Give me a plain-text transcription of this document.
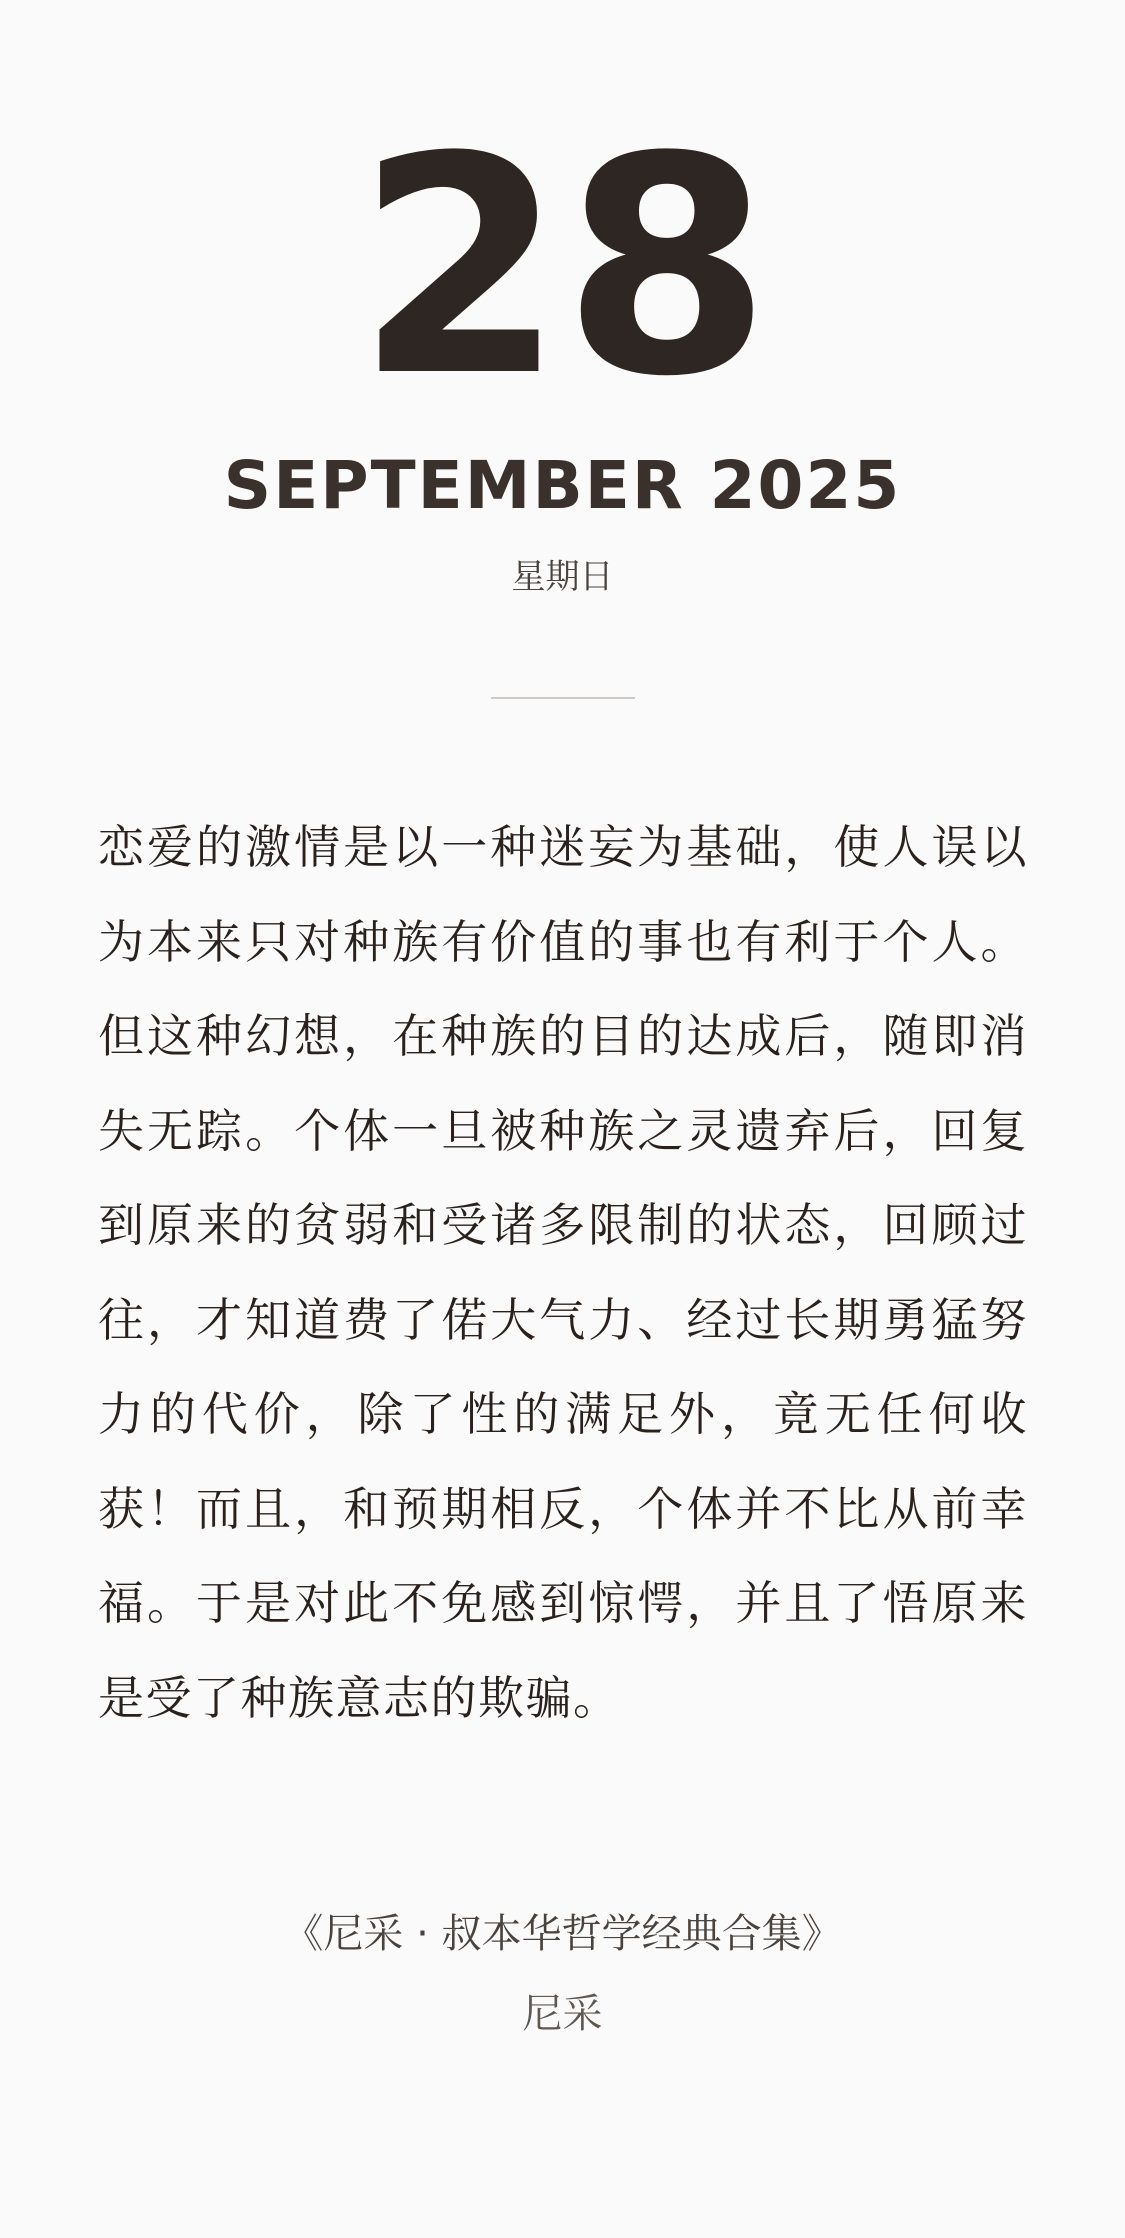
28
SEPTEMBER 2025
星期日
恋爱的激情是以一种迷妄为基础，使人误以为本来只对种族有价值的事也有利于个人。但这种幻想，在种族的目的达成后，随即消失无踪。个体一旦被种族之灵遗弃后，回复到原来的贫弱和受诸多限制的状态，回顾过往，才知道费了偌大气力、经过长期勇猛努力的代价，除了性的满足外，竟无任何收获！而且，和预期相反，个体并不比从前幸福。于是对此不免感到惊愕，并且了悟原来是受了种族意志的欺骗。
《尼采 · 叔本华哲学经典合集》
尼采
